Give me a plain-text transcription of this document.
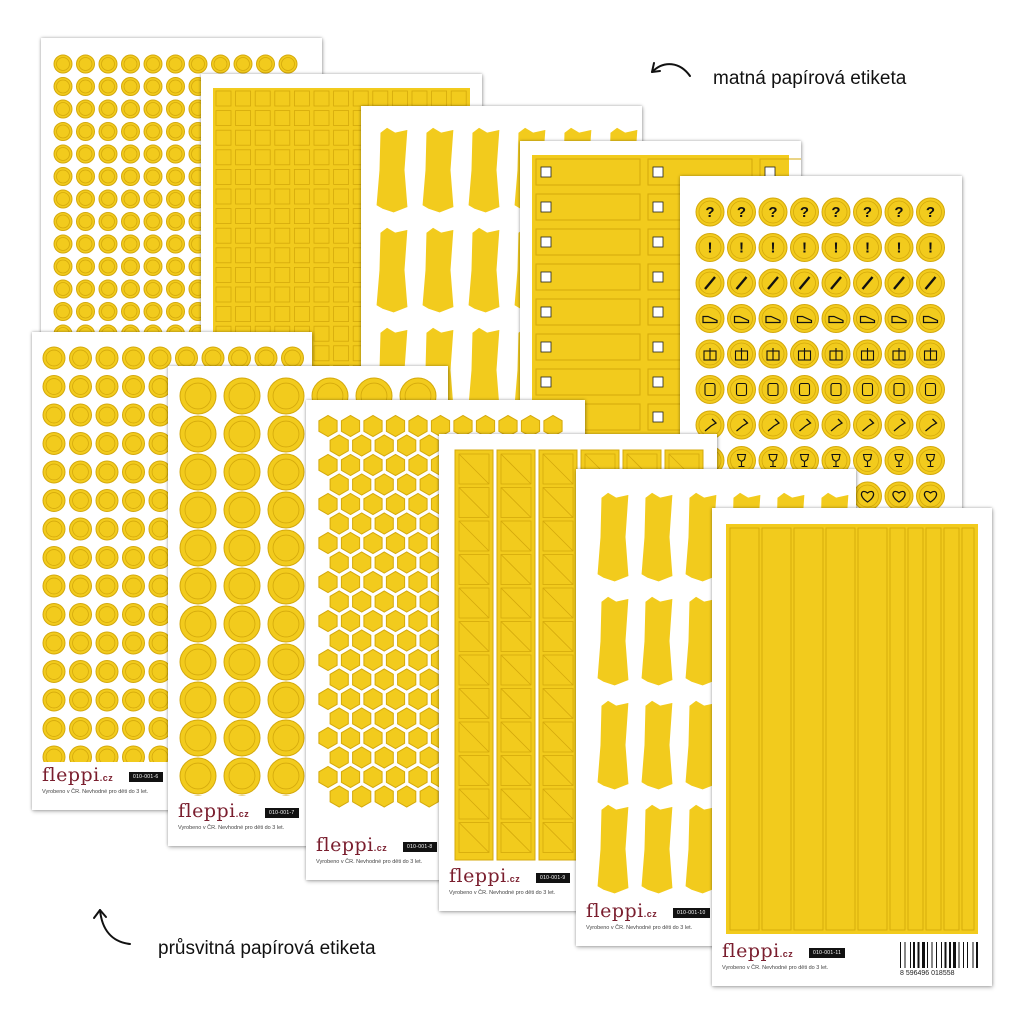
? ? ? ? ? ? ? ?
! ! ! ! ! ! ! !
fleppi.cz	010-001-6
Vyrobeno v ČR. Nevhodné pro děti do 3 let.
fleppi.cz	010-001-7
Vyrobeno v ČR. Nevhodné pro děti do 3 let.
fleppi.cz	010-001-8
Vyrobeno v ČR. Nevhodné pro děti do 3 let.
fleppi.cz	010-001-9
Vyrobeno v ČR. Nevhodné pro děti do 3 let.
fleppi.cz	010-001-10
Vyrobeno v ČR. Nevhodné pro děti do 3 let.
fleppi.cz	010-001-11
Vyrobeno v ČR. Nevhodné pro děti do 3 let.
8 596496 018558
matná papírová etiketa
průsvitná papírová etiketa
